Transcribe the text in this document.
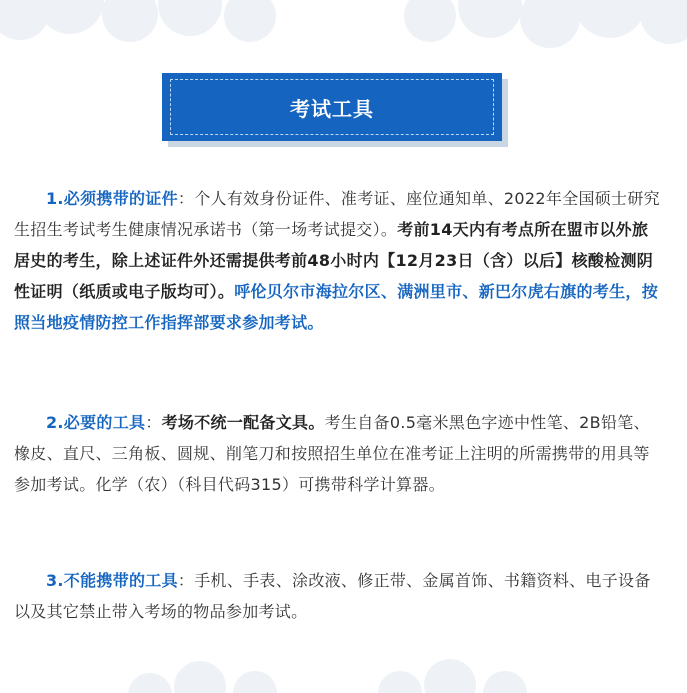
考试工具

1.必须携带的证件：个人有效身份证件、准考证、座位通知单、2022年全国硕士研究生招生考试考生健康情况承诺书（第一场考试提交）。考前14天内有考点所在盟市以外旅居史的考生，除上述证件外还需提供考前48小时内【12月23日（含）以后】核酸检测阴性证明（纸质或电子版均可）。呼伦贝尔市海拉尔区、满洲里市、新巴尔虎右旗的考生，按照当地疫情防控工作指挥部要求参加考试。

2.必要的工具：考场不统一配备文具。考生自备0.5毫米黑色字迹中性笔、2B铅笔、橡皮、直尺、三角板、圆规、削笔刀和按照招生单位在准考证上注明的所需携带的用具等参加考试。化学（农）（科目代码315）可携带科学计算器。

3.不能携带的工具：手机、手表、涂改液、修正带、金属首饰、书籍资料、电子设备以及其它禁止带入考场的物品参加考试。
